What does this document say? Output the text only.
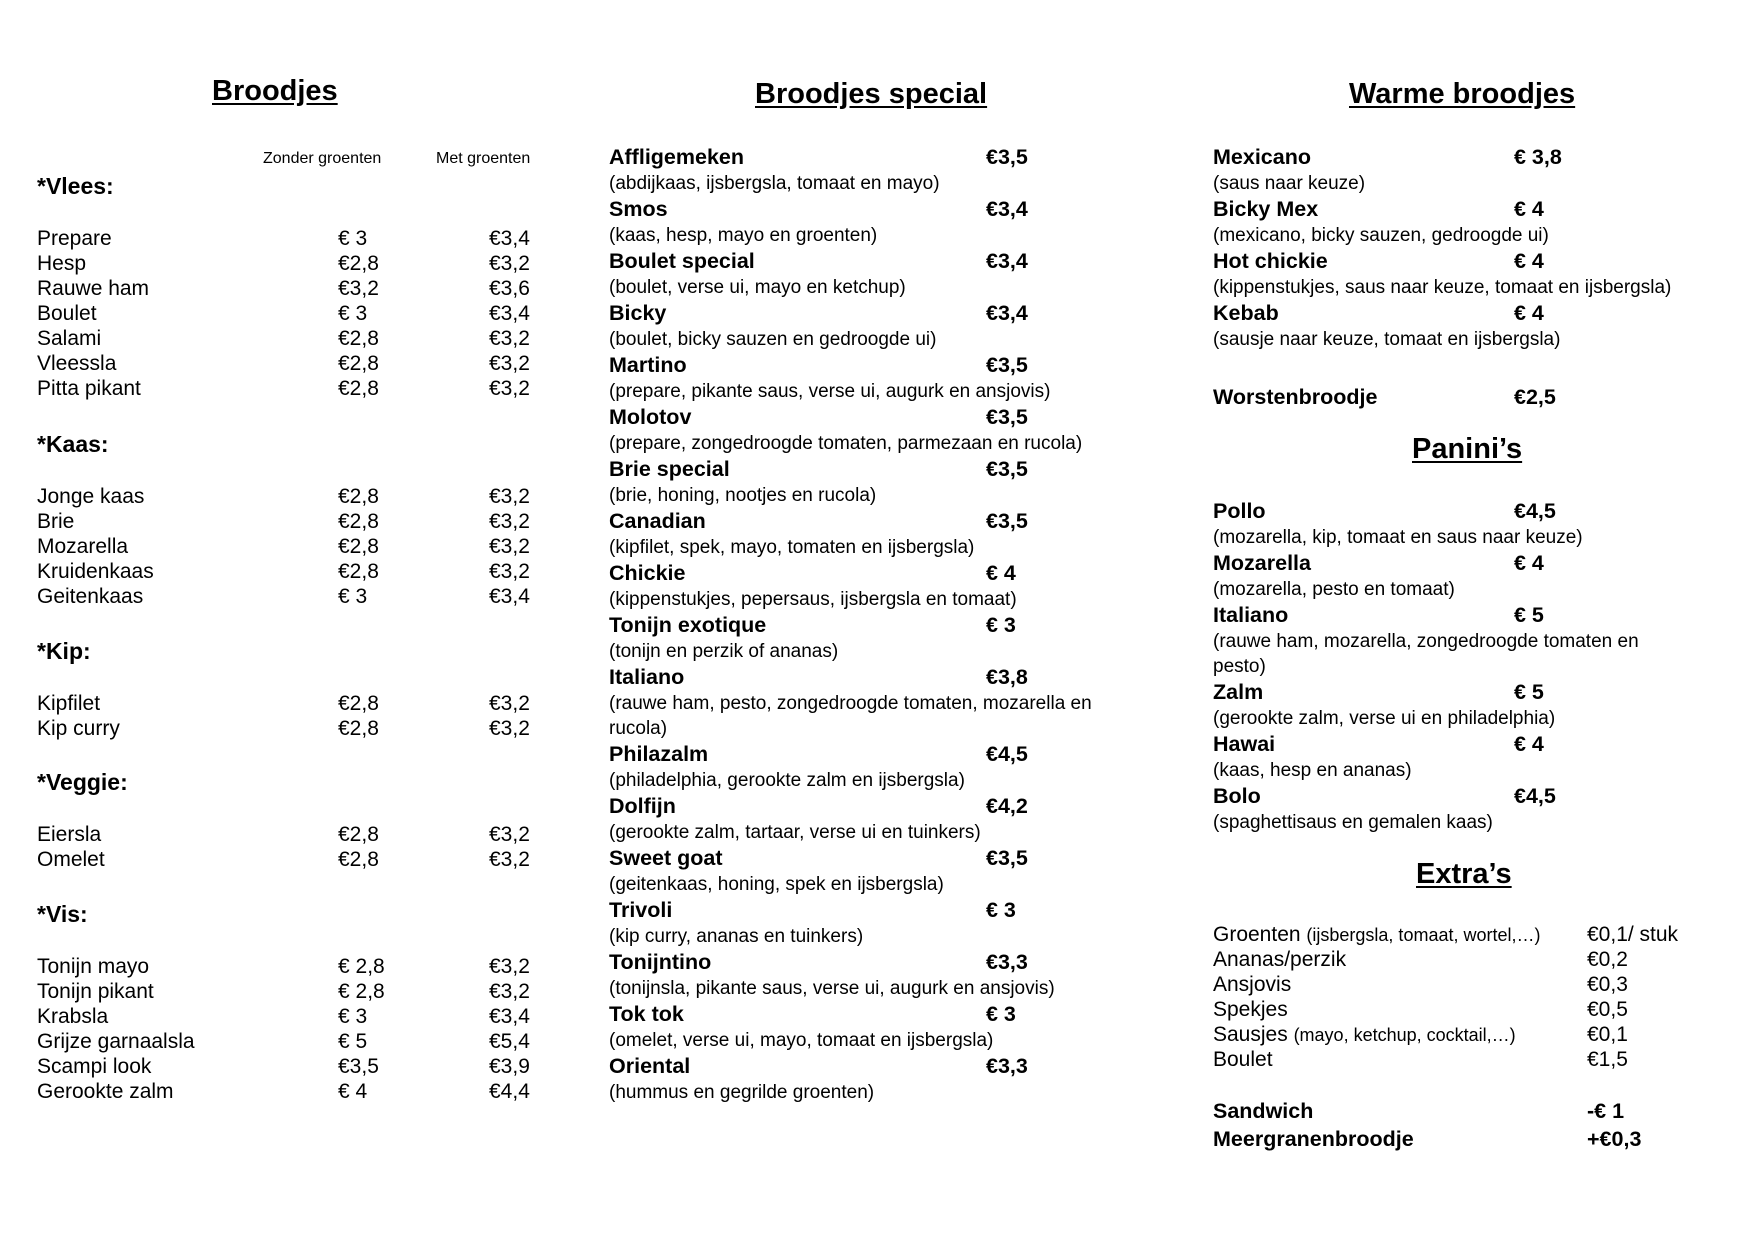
Broodjes
Zonder groenten	Met groenten
*Vlees:
Prepare	€ 3	€3,4
Hesp	€2,8	€3,2
Rauwe ham	€3,2	€3,6
Boulet	€ 3	€3,4
Salami	€2,8	€3,2
Vleessla	€2,8	€3,2
Pitta pikant	€2,8	€3,2
*Kaas:
Jonge kaas	€2,8	€3,2
Brie	€2,8	€3,2
Mozarella	€2,8	€3,2
Kruidenkaas	€2,8	€3,2
Geitenkaas	€ 3	€3,4
*Kip:
Kipfilet	€2,8	€3,2
Kip curry	€2,8	€3,2
*Veggie:
Eiersla	€2,8	€3,2
Omelet	€2,8	€3,2
*Vis:
Tonijn mayo	€ 2,8	€3,2
Tonijn pikant	€ 2,8	€3,2
Krabsla	€ 3	€3,4
Grijze garnaalsla	€ 5	€5,4
Scampi look	€3,5	€3,9
Gerookte zalm	€ 4	€4,4
Broodjes special
Affligemeken	€3,5
(abdijkaas, ijsbergsla, tomaat en mayo)
Smos	€3,4
(kaas, hesp, mayo en groenten)
Boulet special	€3,4
(boulet, verse ui, mayo en ketchup)
Bicky	€3,4
(boulet, bicky sauzen en gedroogde ui)
Martino	€3,5
(prepare, pikante saus, verse ui, augurk en ansjovis)
Molotov	€3,5
(prepare, zongedroogde tomaten, parmezaan en rucola)
Brie special	€3,5
(brie, honing, nootjes en rucola)
Canadian	€3,5
(kipfilet, spek, mayo, tomaten en ijsbergsla)
Chickie	€ 4
(kippenstukjes, pepersaus, ijsbergsla en tomaat)
Tonijn exotique	€ 3
(tonijn en perzik of ananas)
Italiano	€3,8
(rauwe ham, pesto, zongedroogde tomaten, mozarella en rucola)
Philazalm	€4,5
(philadelphia, gerookte zalm en ijsbergsla)
Dolfijn	€4,2
(gerookte zalm, tartaar, verse ui en tuinkers)
Sweet goat	€3,5
(geitenkaas, honing, spek en ijsbergsla)
Trivoli	€ 3
(kip curry, ananas en tuinkers)
Tonijntino	€3,3
(tonijnsla, pikante saus, verse ui, augurk en ansjovis)
Tok tok	€ 3
(omelet, verse ui, mayo, tomaat en ijsbergsla)
Oriental	€3,3
(hummus en gegrilde groenten)
Warme broodjes
Mexicano	€ 3,8
(saus naar keuze)
Bicky Mex	€ 4
(mexicano, bicky sauzen, gedroogde ui)
Hot chickie	€ 4
(kippenstukjes, saus naar keuze, tomaat en ijsbergsla)
Kebab	€ 4
(sausje naar keuze, tomaat en ijsbergsla)
Worstenbroodje	€2,5
Panini’s
Pollo	€4,5
(mozarella, kip, tomaat en saus naar keuze)
Mozarella	€ 4
(mozarella, pesto en tomaat)
Italiano	€ 5
(rauwe ham, mozarella, zongedroogde tomaten en pesto)
Zalm	€ 5
(gerookte zalm, verse ui en philadelphia)
Hawai	€ 4
(kaas, hesp en ananas)
Bolo	€4,5
(spaghettisaus en gemalen kaas)
Extra’s
Groenten (ijsbergsla, tomaat, wortel,…) €0,1/ stuk
Ananas/perzik	€0,2
Ansjovis	€0,3
Spekjes	€0,5
Sausjes (mayo, ketchup, cocktail,…)	€0,1
Boulet	€1,5
Sandwich	-€ 1
Meergranenbroodje	+€0,3
